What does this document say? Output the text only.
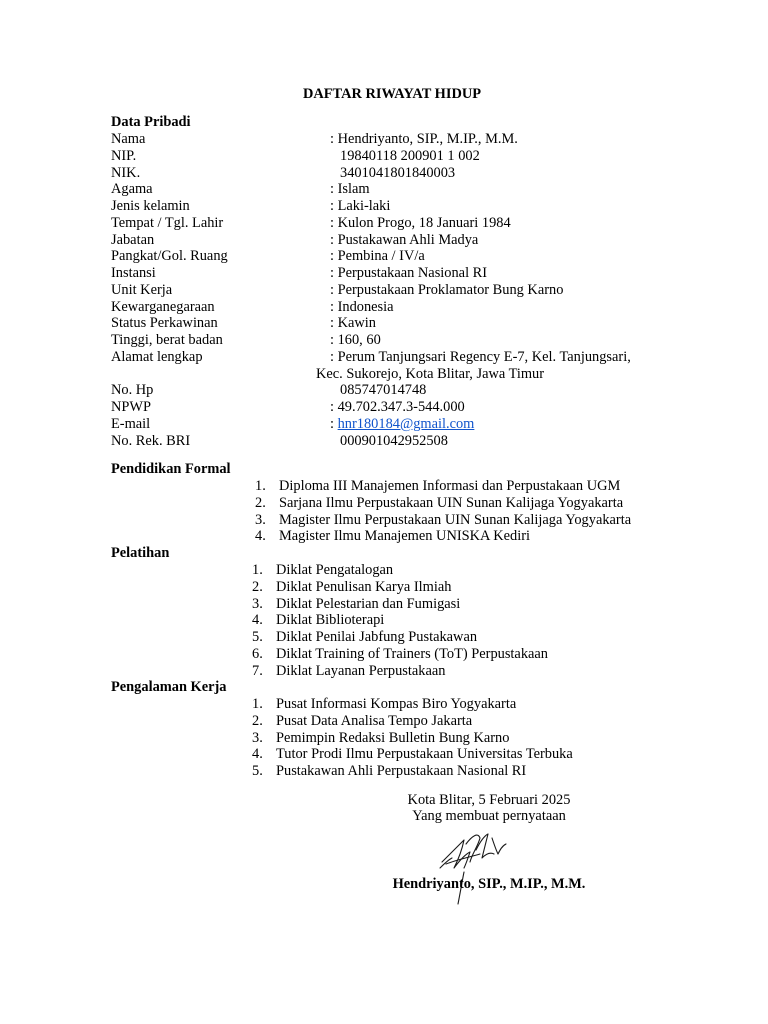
DAFTAR RIWAYAT HIDUP
Data Pribadi
Nama	: Hendriyanto, SIP., M.IP., M.M.
NIP.	19840118 200901 1 002
NIK.	3401041801840003
Agama	: Islam
Jenis kelamin	: Laki-laki
Tempat / Tgl. Lahir	: Kulon Progo, 18 Januari 1984
Jabatan	: Pustakawan Ahli Madya
Pangkat/Gol. Ruang	: Pembina / IV/a
Instansi	: Perpustakaan Nasional RI
Unit Kerja	: Perpustakaan Proklamator Bung Karno
Kewarganegaraan	: Indonesia
Status Perkawinan	: Kawin
Tinggi, berat badan	: 160, 60
Alamat lengkap	: Perum Tanjungsari Regency E-7, Kel. Tanjungsari,
Kec. Sukorejo, Kota Blitar, Jawa Timur
No. Hp	085747014748
NPWP	: 49.702.347.3-544.000
E-mail	: hnr180184@gmail.com
No. Rek. BRI	000901042952508
Pendidikan Formal
1. Diploma III Manajemen Informasi dan Perpustakaan UGM
2. Sarjana Ilmu Perpustakaan UIN Sunan Kalijaga Yogyakarta
3. Magister Ilmu Perpustakaan UIN Sunan Kalijaga Yogyakarta
4. Magister Ilmu Manajemen UNISKA Kediri
Pelatihan
1. Diklat Pengatalogan
2. Diklat Penulisan Karya Ilmiah
3. Diklat Pelestarian dan Fumigasi
4. Diklat Biblioterapi
5. Diklat Penilai Jabfung Pustakawan
6. Diklat Training of Trainers (ToT) Perpustakaan
7. Diklat Layanan Perpustakaan
Pengalaman Kerja
1. Pusat Informasi Kompas Biro Yogyakarta
2. Pusat Data Analisa Tempo Jakarta
3. Pemimpin Redaksi Bulletin Bung Karno
4. Tutor Prodi Ilmu Perpustakaan Universitas Terbuka
5. Pustakawan Ahli Perpustakaan Nasional RI
Kota Blitar, 5 Februari 2025
Yang membuat pernyataan
Hendriyanto, SIP., M.IP., M.M.
